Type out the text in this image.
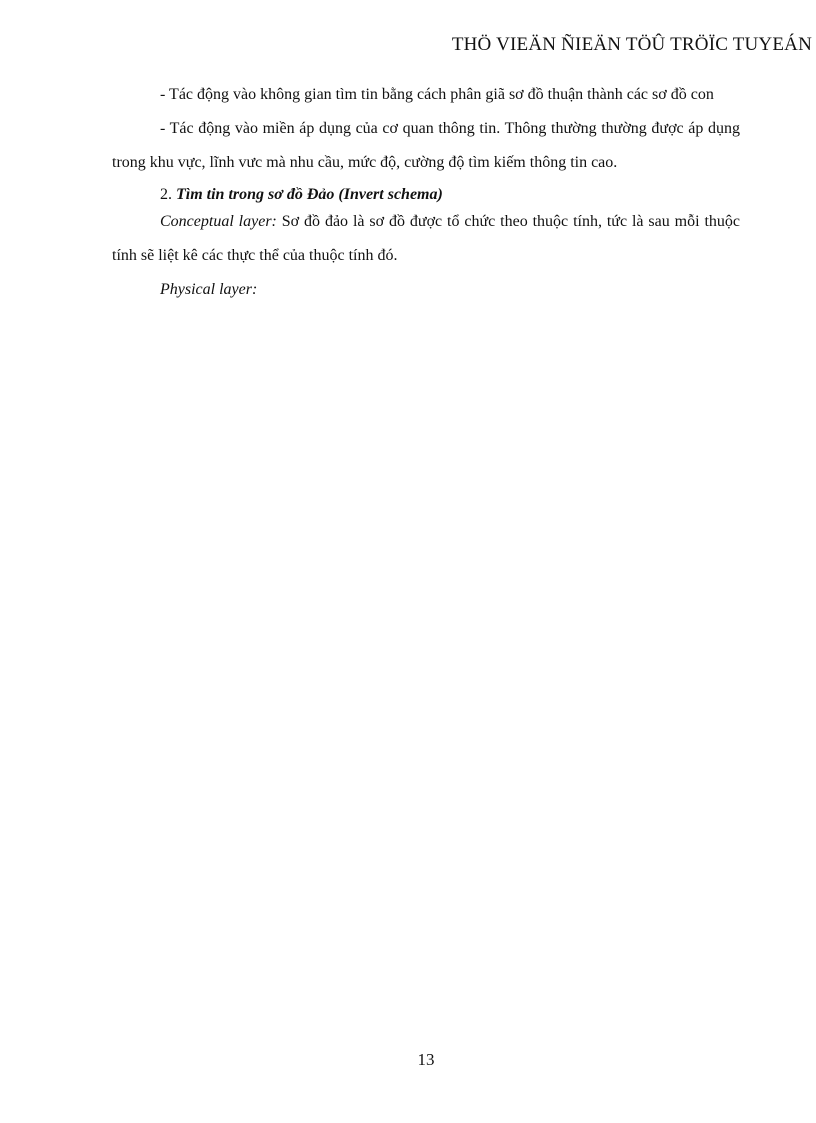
THÖ VIEÄN ÑIEÄN TÖÛ TRÖÏC TUYEÁN

- Tác động vào không gian tìm tin bằng cách phân giã sơ đồ thuận thành các sơ đồ con

- Tác động vào miền áp dụng của cơ quan thông tin. Thông thường thường được áp dụng trong khu vực, lĩnh vưc mà nhu cầu, mức độ, cường độ tìm kiếm thông tin cao.

2. Tìm tin trong sơ đồ Đảo (Invert schema)

Conceptual layer: Sơ đồ đảo là sơ đồ được tổ chức theo thuộc tính, tức là sau mỗi thuộc tính sẽ liệt kê các thực thể của thuộc tính đó.

Physical layer:

13
